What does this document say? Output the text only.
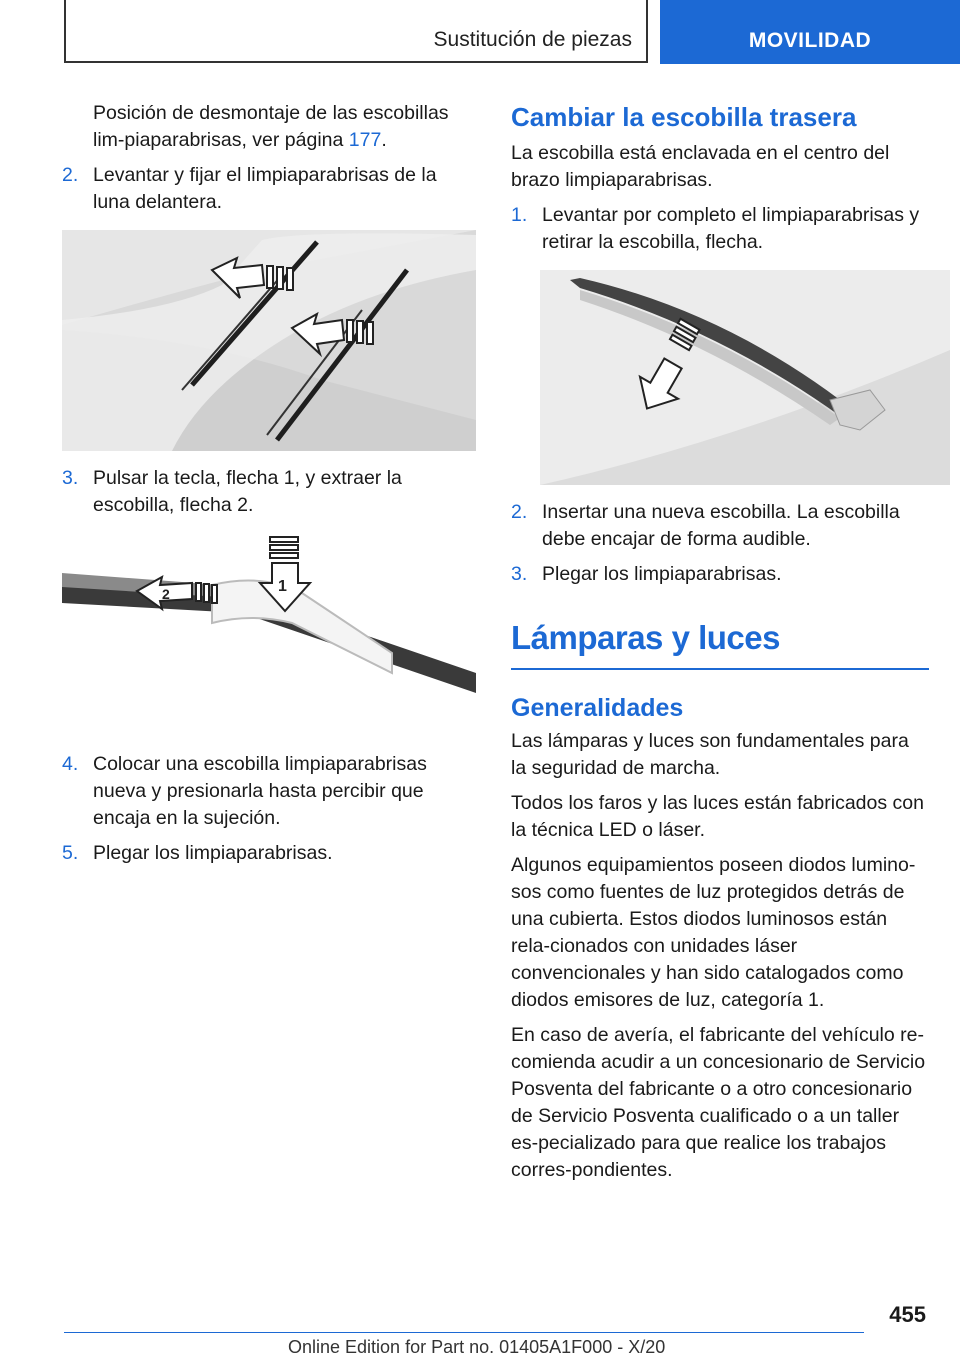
Sustitución de piezas	MOVILIDAD

Posición de desmontaje de las escobillas lim-piaparabrisas, ver página 177.

2. Levantar y fijar el limpiaparabrisas de la luna delantera.
3. Pulsar la tecla, flecha 1, y extraer la escobilla, flecha 2.
2	1
4. Colocar una escobilla limpiaparabrisas nueva y presionarla hasta percibir que encaja en la sujeción.
5. Plegar los limpiaparabrisas.
Cambiar la escobilla trasera

La escobilla está enclavada en el centro del brazo limpiaparabrisas.

1. Levantar por completo el limpiaparabrisas y retirar la escobilla, flecha.
2. Insertar una nueva escobilla. La escobilla debe encajar de forma audible.
3. Plegar los limpiaparabrisas.
Lámparas y luces
Generalidades

Las lámparas y luces son fundamentales para la seguridad de marcha.

Todos los faros y las luces están fabricados con la técnica LED o láser.

Algunos equipamientos poseen diodos lumino-sos como fuentes de luz protegidos detrás de una cubierta. Estos diodos luminosos están rela-cionados con unidades láser convencionales y han sido catalogados como diodos emisores de luz, categoría 1.

En caso de avería, el fabricante del vehículo re-comienda acudir a un concesionario de Servicio Posventa del fabricante o a otro concesionario de Servicio Posventa cualificado o a un taller es-pecializado para que realice los trabajos corres-pondientes.

455
Online Edition for Part no. 01405A1F000 - X/20
